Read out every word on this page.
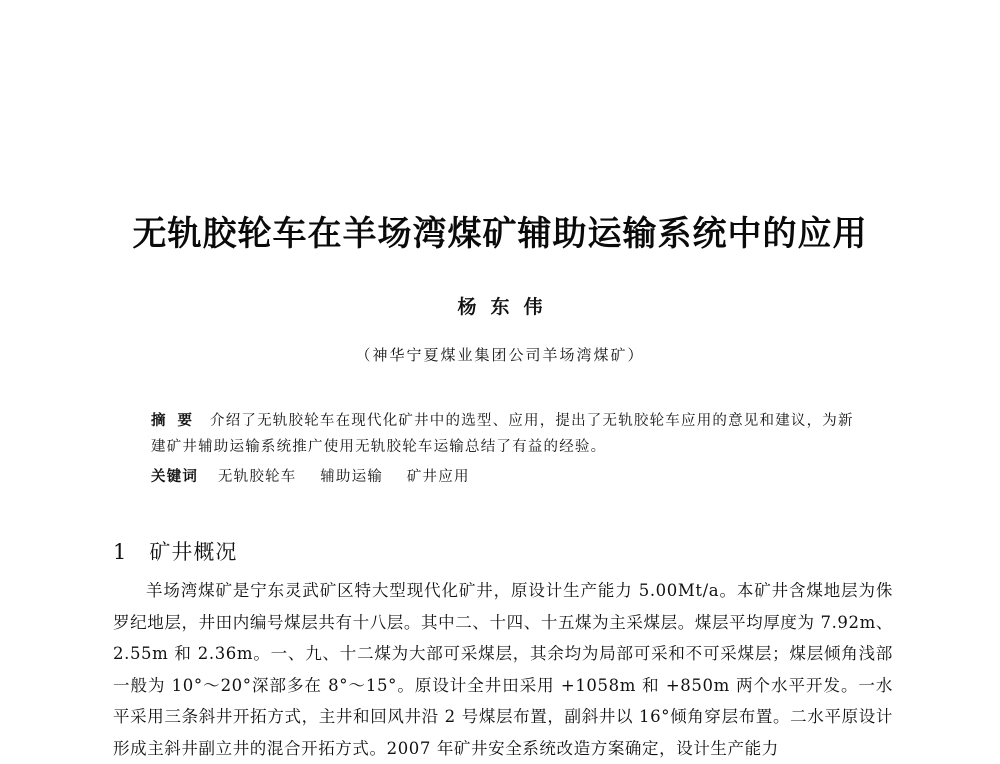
无轨胶轮车在羊场湾煤矿辅助运输系统中的应用
杨东伟
（神华宁夏煤业集团公司羊场湾煤矿）
摘要 介绍了无轨胶轮车在现代化矿井中的选型、应用，提出了无轨胶轮车应用的意见和建议，为新建矿井辅助运输系统推广使用无轨胶轮车运输总结了有益的经验。
关键词 无轨胶轮车 辅助运输 矿井应用
1 矿井概况
羊场湾煤矿是宁东灵武矿区特大型现代化矿井，原设计生产能力 5.00Mt/a。本矿井含煤地层为侏罗纪地层，井田内编号煤层共有十八层。其中二、十四、十五煤为主采煤层。煤层平均厚度为 7.92m、2.55m 和 2.36m。一、九、十二煤为大部可采煤层，其余均为局部可采和不可采煤层；煤层倾角浅部一般为 10°～20°深部多在 8°～15°。原设计全井田采用 +1058m 和 +850m 两个水平开发。一水平采用三条斜井开拓方式，主井和回风井沿 2 号煤层布置，副斜井以 16°倾角穿层布置。二水平原设计形成主斜井副立井的混合开拓方式。2007 年矿井安全系统改造方案确定，设计生产能力
